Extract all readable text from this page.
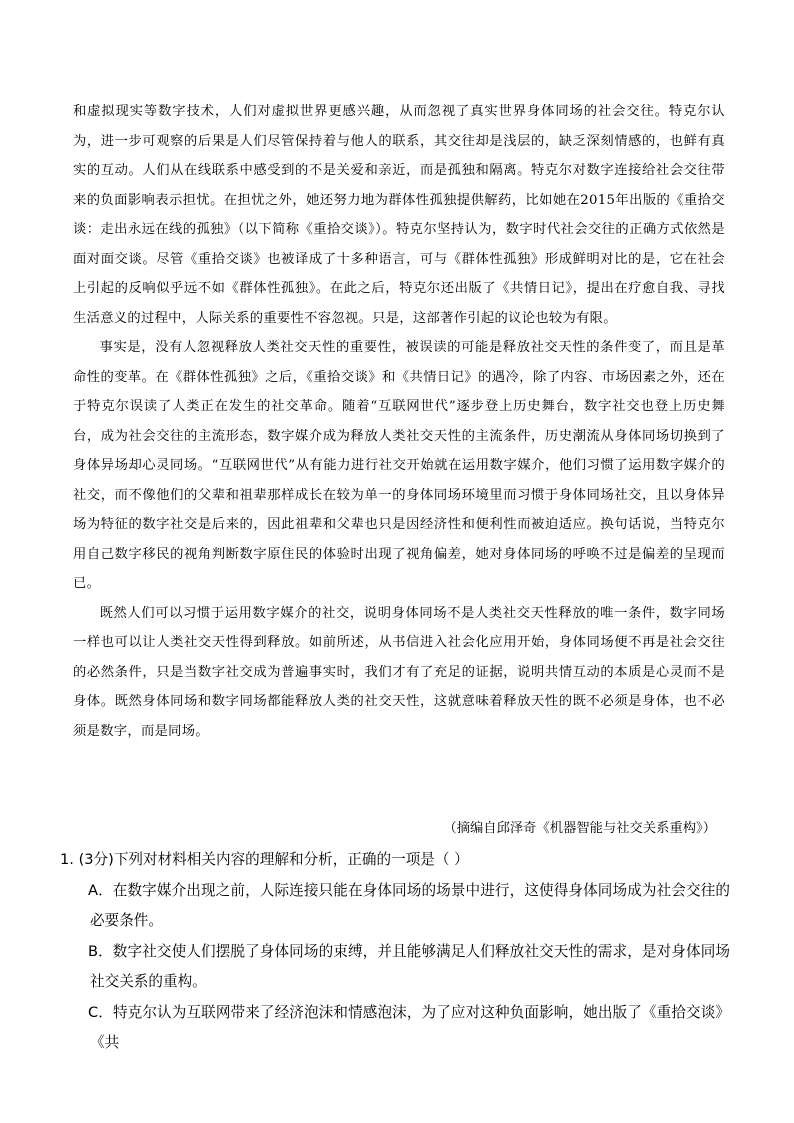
和虚拟现实等数字技术，人们对虚拟世界更感兴趣，从而忽视了真实世界身体同场的社会交往。特克尔认为，进一步可观察的后果是人们尽管保持着与他人的联系，其交往却是浅层的，缺乏深刻情感的，也鲜有真实的互动。人们从在线联系中感受到的不是关爱和亲近，而是孤独和隔离。特克尔对数字连接给社会交往带来的负面影响表示担忧。在担忧之外，她还努力地为群体性孤独提供解药，比如她在2015年出版的《重拾交谈：走出永远在线的孤独》（以下简称《重拾交谈》）。特克尔坚持认为，数字时代社会交往的正确方式依然是面对面交谈。尽管《重拾交谈》也被译成了十多种语言，可与《群体性孤独》形成鲜明对比的是，它在社会上引起的反响似乎远不如《群体性孤独》。在此之后，特克尔还出版了《共情日记》，提出在疗愈自我、寻找生活意义的过程中，人际关系的重要性不容忽视。只是，这部著作引起的议论也较为有限。

事实是，没有人忽视释放人类社交天性的重要性，被误读的可能是释放社交天性的条件变了，而且是革命性的变革。在《群体性孤独》之后，《重拾交谈》和《共情日记》的遇冷，除了内容、市场因素之外，还在于特克尔误读了人类正在发生的社交革命。随着“互联网世代”逐步登上历史舞台，数字社交也登上历史舞台，成为社会交往的主流形态，数字媒介成为释放人类社交天性的主流条件，历史潮流从身体同场切换到了身体异场却心灵同场。“互联网世代”从有能力进行社交开始就在运用数字媒介，他们习惯了运用数字媒介的社交，而不像他们的父辈和祖辈那样成长在较为单一的身体同场环境里而习惯于身体同场社交，且以身体异场为特征的数字社交是后来的，因此祖辈和父辈也只是因经济性和便利性而被迫适应。换句话说，当特克尔用自己数字移民的视角判断数字原住民的体验时出现了视角偏差，她对身体同场的呼唤不过是偏差的呈现而已。

既然人们可以习惯于运用数字媒介的社交，说明身体同场不是人类社交天性释放的唯一条件，数字同场一样也可以让人类社交天性得到释放。如前所述，从书信进入社会化应用开始，身体同场便不再是社会交往的必然条件，只是当数字社交成为普遍事实时，我们才有了充足的证据，说明共情互动的本质是心灵而不是身体。既然身体同场和数字同场都能释放人类的社交天性，这就意味着释放天性的既不必须是身体，也不必须是数字，而是同场。

（摘编自邱泽奇《机器智能与社交关系重构》）

1. (3分)下列对材料相关内容的理解和分析，正确的一项是（ ）

A．在数字媒介出现之前，人际连接只能在身体同场的场景中进行，这使得身体同场成为社会交往的必要条件。

B．数字社交使人们摆脱了身体同场的束缚，并且能够满足人们释放社交天性的需求，是对身体同场社交关系的重构。

C．特克尔认为互联网带来了经济泡沫和情感泡沫，为了应对这种负面影响，她出版了《重拾交谈》《共
